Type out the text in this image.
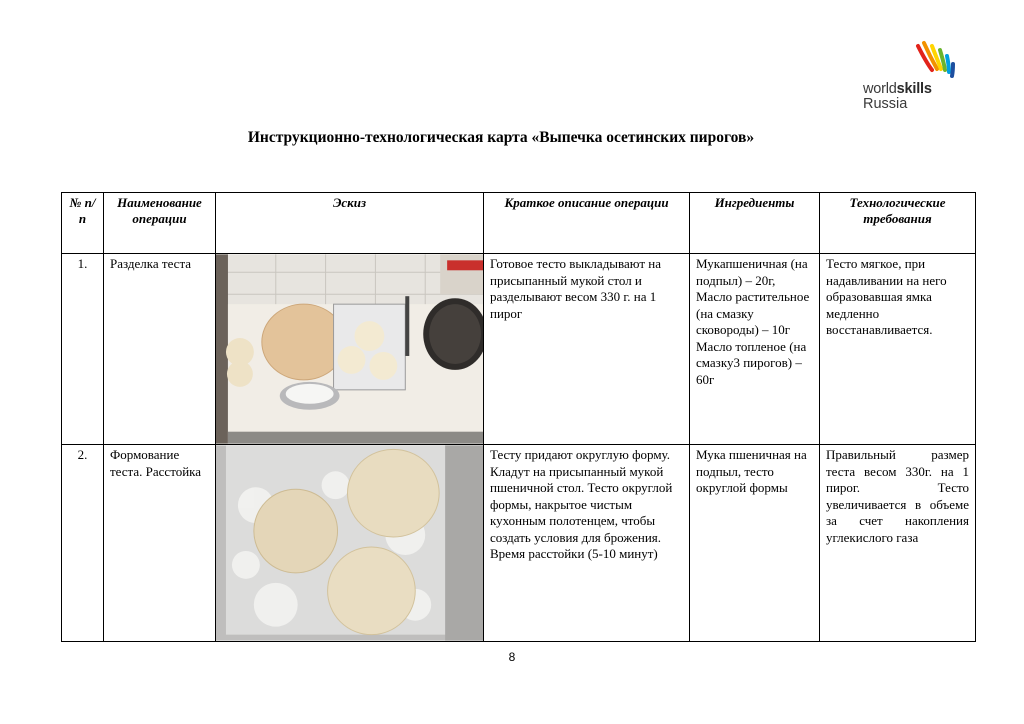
worldskills
Russia
Инструкционно-технологическая карта «Выпечка осетинских пирогов»
№ п/п	Наименование операции	Эскиз	Краткое описание операции	Ингредиенты	Технологические требования
1.	Разделка теста		Готовое тесто выкладывают на присыпанный мукой стол и разделывают весом 330 г. на 1 пирог	Мукапшеничная (на подпыл) – 20г, Масло растительное (на смазку сковороды) – 10г Масло топленое (на смазку3 пирогов) – 60г	Тесто мягкое, при надавливании на него образовавшая ямка медленно восстанавливается.
2.	Формование теста. Расстойка		Тесту придают округлую форму. Кладут на присыпанный мукой пшеничной стол. Тесто округлой формы, накрытое чистым кухонным полотенцем, чтобы создать условия для брожения. Время расстойки (5-10 минут)	Мука пшеничная на подпыл, тесто округлой формы	Правильный размер теста весом 330г. на 1 пирог. Тесто увеличивается в объеме за счет накопления углекислого газа
8
